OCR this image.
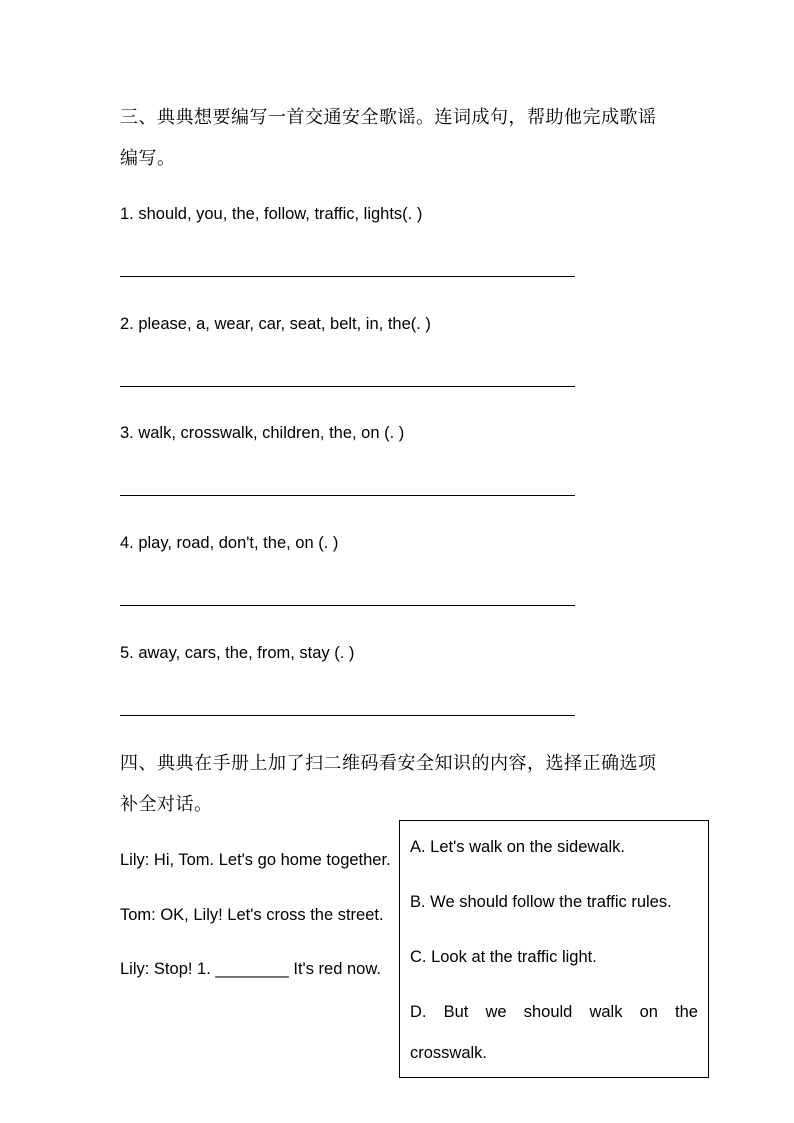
三、典典想要编写一首交通安全歌谣。连词成句，帮助他完成歌谣
编写。
1. should, you, the, follow, traffic, lights(. )
2. please, a, wear, car, seat, belt, in, the(. )
3. walk, crosswalk, children, the, on (. )
4. play, road, don't, the, on (. )
5. away, cars, the, from, stay (. )
四、典典在手册上加了扫二维码看安全知识的内容，选择正确选项
补全对话。
Lily: Hi, Tom. Let's go home together.
Tom: OK, Lily! Let's cross the street.
Lily: Stop! 1. ________ It's red now.
A. Let's walk on the sidewalk.
B. We should follow the traffic rules.
C. Look at the traffic light.
D. But we should walk on the
crosswalk.
